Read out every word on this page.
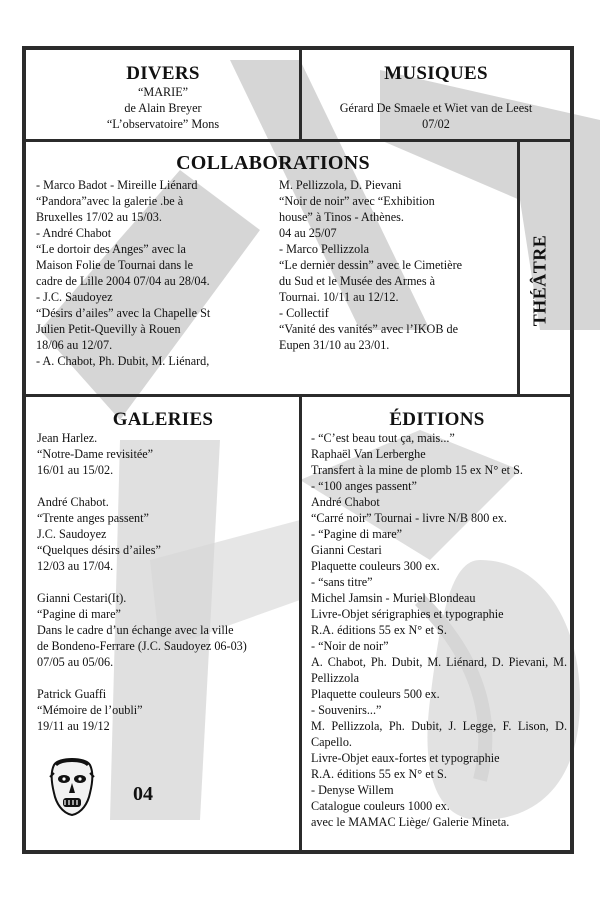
DIVERS
“MARIE”
de Alain Breyer
“L’observatoire” Mons
MUSIQUES
Gérard De Smaele et Wiet van de Leest
07/02
COLLABORATIONS
- Marco Badot - Mireille Liénard
“Pandora”avec la galerie .be à
Bruxelles 17/02 au 15/03.
- André Chabot
“Le dortoir des Anges” avec la
Maison Folie de Tournai dans le
cadre de Lille 2004 07/04 au 28/04.
- J.C. Saudoyez
“Désirs d’ailes” avec la Chapelle St
Julien Petit-Quevilly à Rouen
18/06 au 12/07.
- A. Chabot, Ph. Dubit, M. Liénard,
M. Pellizzola, D. Pievani
“Noir de noir” avec “Exhibition
house” à Tinos - Athènes.
04 au 25/07
- Marco Pellizzola
“Le dernier dessin” avec le Cimetière
du Sud et le Musée des Armes à
Tournai. 10/11 au 12/12.
- Collectif
“Vanité des vanités” avec l’IKOB de
Eupen 31/10 au 23/01.
THÉÂTRE
GALERIES
Jean Harlez.
“Notre-Dame revisitée”
16/01 au 15/02.
André Chabot.
“Trente anges passent”
J.C. Saudoyez
“Quelques désirs d’ailes”
12/03 au 17/04.
Gianni Cestari(It).
“Pagine di mare”
Dans le cadre d’un échange avec la ville
de Bondeno-Ferrare (J.C. Saudoyez 06-03)
07/05 au 05/06.
Patrick Guaffi
“Mémoire de l’oubli”
19/11 au 19/12
04
ÉDITIONS
- “C’est beau tout ça, mais...”
Raphaël Van Lerberghe
Transfert à la mine de plomb 15 ex N° et S.
- “100 anges passent”
André Chabot
“Carré noir” Tournai - livre N/B 800 ex.
- “Pagine di mare”
Gianni Cestari
Plaquette couleurs 300 ex.
- “sans titre”
Michel Jamsin - Muriel Blondeau
Livre-Objet sérigraphies et typographie
R.A. éditions 55 ex N° et S.
- “Noir de noir”
A. Chabot, Ph. Dubit, M. Liénard, D. Pievani, M. Pellizzola
Plaquette couleurs 500 ex.
- Souvenirs...”
M. Pellizzola, Ph. Dubit, J. Legge, F. Lison, D. Capello.
Livre-Objet eaux-fortes et typographie
R.A. éditions 55 ex N° et S.
- Denyse Willem
Catalogue couleurs 1000 ex.
avec le MAMAC Liège/ Galerie Mineta.
